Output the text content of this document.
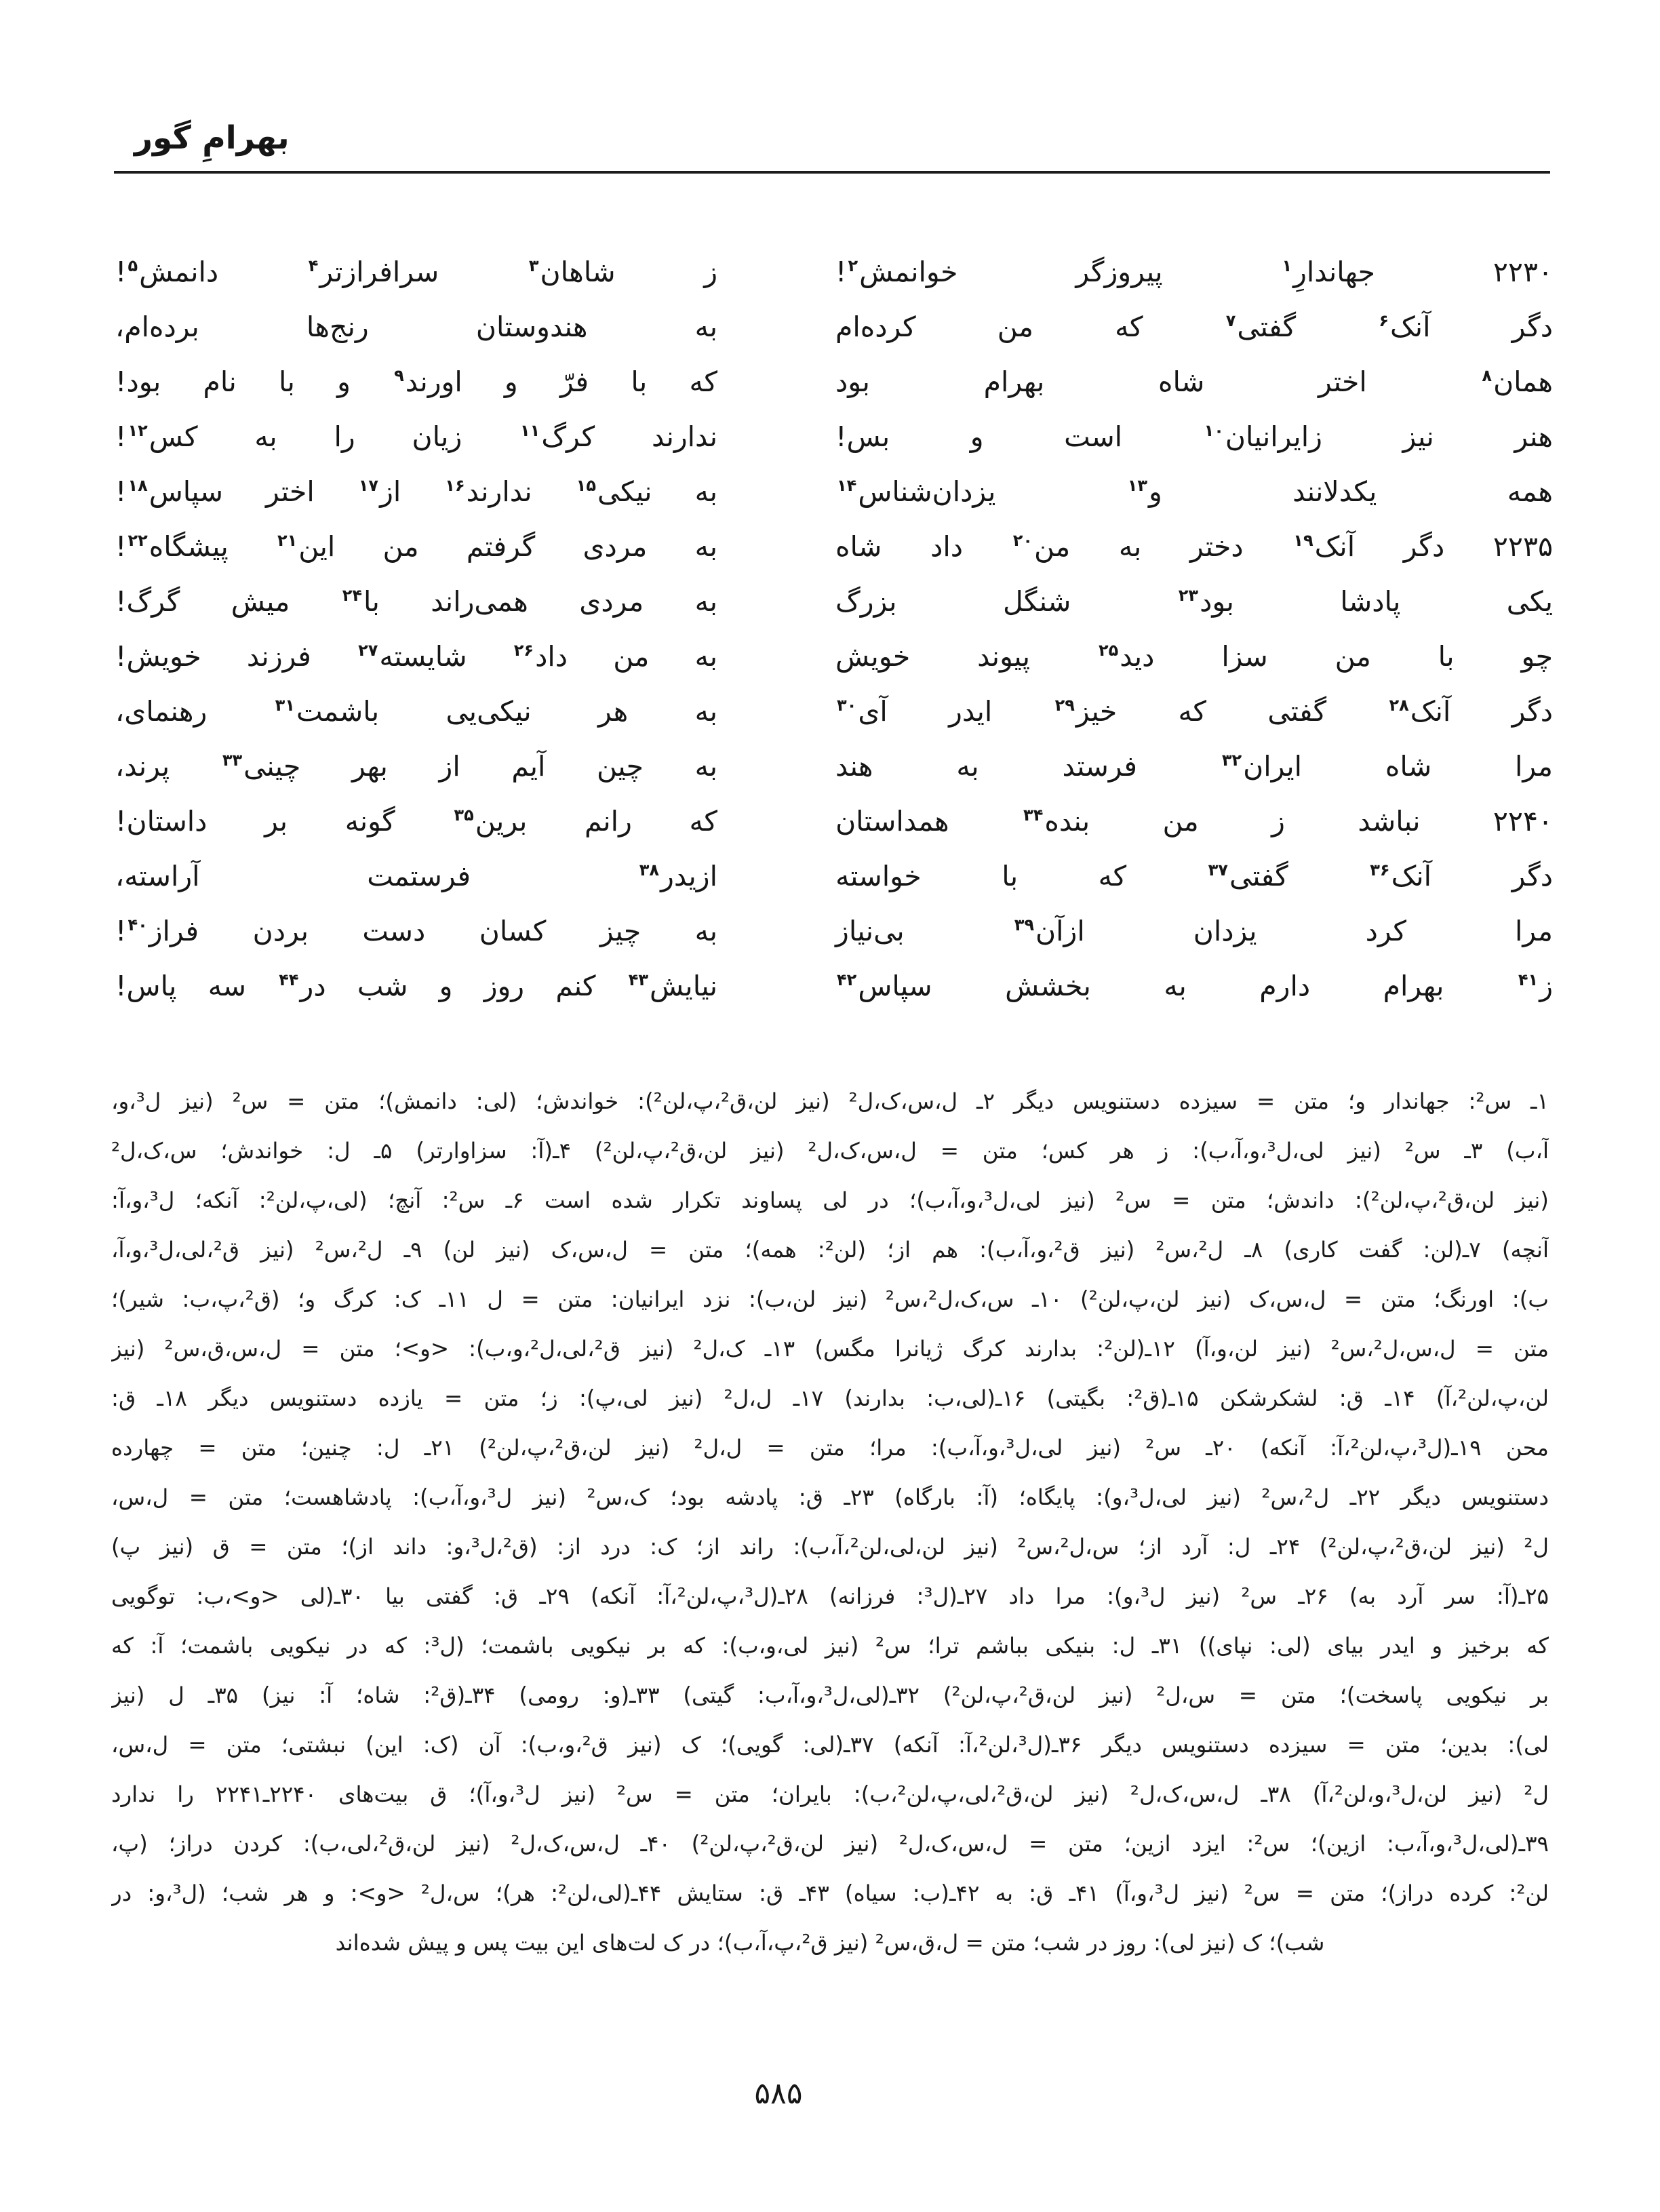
بهرامِ گور
۲۲۳۰
جهاندارِ$^۱$
پیروزگر
خوانمش$^۲$!
ز
شاهان$^۳$
سرافرازتر$^۴$
دانمش$^۵$!
دگر
آنک$^۶$
گفتی$^۷$
که
من
کرده‌ام
به
هندوستان
رنج‌ها
برده‌ام،
همان$^۸$
اختر
شاه
بهرام
بود
که
با
فرّ
و
اورند$^۹$
و
با
نام
بود!
هنر
نیز
زایرانیان$^{۱۰}$
است
و
بس!
ندارند
کرگ$^{۱۱}$
زیان
را
به
کس$^{۱۲}$!
همه
یکدلانند
و$^{۱۳}$
یزدان‌شناس$^{۱۴}$
به
نیکی$^{۱۵}$
ندارند$^{۱۶}$
از$^{۱۷}$
اختر
سپاس$^{۱۸}$!
۲۲۳۵
دگر
آنک$^{۱۹}$
دختر
به
من$^{۲۰}$
داد
شاه
به
مردی
گرفتم
من
این$^{۲۱}$
پیشگاه$^{۲۲}$!
یکی
پادشا
بود$^{۲۳}$
شنگل
بزرگ
به
مردی
همی‌راند
با$^{۲۴}$
میش
گرگ!
چو
با
من
سزا
دید$^{۲۵}$
پیوند
خویش
به
من
داد$^{۲۶}$
شایسته$^{۲۷}$
فرزند
خویش!
دگر
آنک$^{۲۸}$
گفتی
که
خیز$^{۲۹}$
ایدر
آی$^{۳۰}$
به
هر
نیکی‌یی
باشمت$^{۳۱}$
رهنمای،
مرا
شاه
ایران$^{۳۲}$
فرستد
به
هند
به
چین
آیم
از
بهر
چینی$^{۳۳}$
پرند،
۲۲۴۰
نباشد
ز
من
بنده$^{۳۴}$
همداستان
که
رانم
برین$^{۳۵}$
گونه
بر
داستان!
دگر
آنک$^{۳۶}$
گفتی$^{۳۷}$
که
با
خواسته
ازیدر$^{۳۸}$
فرستمت
آراسته،
مرا
کرد
یزدان
ازآن$^{۳۹}$
بی‌نیاز
به
چیز
کسان
دست
بردن
فراز$^{۴۰}$!
ز$^{۴۱}$
بهرام
دارم
به
بخشش
سپاس$^{۴۲}$
نیایش$^{۴۳}$
کنم
روز
و
شب
در$^{۴۴}$
سه
پاس!
۱ـ س²: جهاندار و؛ متن = سیزده دستنویس دیگر ۲ـ ل،س،ک،ل² (نیز لن،ق²،پ،لن²): خواندش؛ (لی: دانمش)؛ متن = س² (نیز ل³،و،
آ،ب) ۳ـ س² (نیز لی،ل³،و،آ،ب): ز هر کس؛ متن = ل،س،ک،ل² (نیز لن،ق²،پ،لن²) ۴ـ(آ: سزاوارتر) ۵ـ ل: خواندش؛ س،ک،ل²
(نیز لن،ق²،پ،لن²): داندش؛ متن = س² (نیز لی،ل³،و،آ،ب)؛ در لی پساوند تکرار شده است ۶ـ س²: آنچ؛ (لی،پ،لن²: آنکه؛ ل³،و،آ:
آنچه) ۷ـ(لن: گفت کاری) ۸ـ ل²،س² (نیز ق²،و،آ،ب): هم از؛ (لن²: همه)؛ متن = ل،س،ک (نیز لن) ۹ـ ل²،س² (نیز ق²،لی،ل³،و،آ،
ب): اورنگ؛ متن = ل،س،ک (نیز لن،پ،لن²) ۱۰ـ س،ک،ل²،س² (نیز لن،ب): نزد ایرانیان: متن = ل ۱۱ـ ک: کرگ و؛ (ق²،پ،ب: شیر)؛
متن = ل،س،ل²،س² (نیز لن،و،آ) ۱۲ـ(لن²: بدارند کرگ ژیانرا مگس) ۱۳ـ ک،ل² (نیز ق²،لی،ل²،و،ب): <و>؛ متن = ل،س،ق،س² (نیز
لن،پ،لن²،آ) ۱۴ـ ق: لشکرشکن ۱۵ـ(ق²: بگیتی) ۱۶ـ(لی،ب: بدارند) ۱۷ـ ل،ل² (نیز لی،پ): ز؛ متن = یازده دستنویس دیگر ۱۸ـ ق:
محن ۱۹ـ(ل³،پ،لن²،آ: آنکه) ۲۰ـ س² (نیز لی،ل³،و،آ،ب): مرا؛ متن = ل،ل² (نیز لن،ق²،پ،لن²) ۲۱ـ ل: چنین؛ متن = چهارده
دستنویس دیگر ۲۲ـ ل²،س² (نیز لی،ل³،و): پایگاه؛ (آ: بارگاه) ۲۳ـ ق: پادشه بود؛ ک،س² (نیز ل³،و،آ،ب): پادشاهست؛ متن = ل،س،
ل² (نیز لن،ق²،پ،لن²) ۲۴ـ ل: آرد از؛ س،ل²،س² (نیز لن،لی،لن²،آ،ب): راند از؛ ک: درد از: (ق²،ل³،و: داند از)؛ متن = ق (نیز پ)
۲۵ـ(آ: سر آرد به) ۲۶ـ س² (نیز ل³،و): مرا داد ۲۷ـ(ل³: فرزانه) ۲۸ـ(ل³،پ،لن²،آ: آنکه) ۲۹ـ ق: گفتی بیا ۳۰ـ(لی <و>،ب: توگویی
که برخیز و ایدر بیای (لی: نپای)) ۳۱ـ ل: بنیکی بباشم ترا؛ س² (نیز لی،و،ب): که بر نیکویی باشمت؛ (ل³: که در نیکویی باشمت؛ آ: که
بر نیکویی پاسخت)؛ متن = س،ل² (نیز لن،ق²،پ،لن²) ۳۲ـ(لی،ل³،و،آ،ب: گیتی) ۳۳ـ(و: رومی) ۳۴ـ(ق²: شاه؛ آ: نیز) ۳۵ـ ل (نیز
لی): بدین؛ متن = سیزده دستنویس دیگر ۳۶ـ(ل³،لن²،آ: آنکه) ۳۷ـ(لی: گویی)؛ ک (نیز ق²،و،ب): آن (ک: این) نبشتی؛ متن = ل،س،
ل² (نیز لن،ل³،و،لن²،آ) ۳۸ـ ل،س،ک،ل² (نیز لن،ق²،لی،پ،لن²،ب): بایران؛ متن = س² (نیز ل³،و،آ)؛ ق بیت‌های ۲۲۴۰ـ۲۲۴۱ را ندارد
۳۹ـ(لی،ل³،و،آ،ب: ازین)؛ س²: ایزد ازین؛ متن = ل،س،ک،ل² (نیز لن،ق²،پ،لن²) ۴۰ـ ل،س،ک،ل² (نیز لن،ق²،لی،ب): کردن دراز؛ (پ،
لن²: کرده دراز)؛ متن = س² (نیز ل³،و،آ) ۴۱ـ ق: به ۴۲ـ(ب: سیاه) ۴۳ـ ق: ستایش ۴۴ـ(لی،لن²: هر)؛ س،ل² <و>: و هر شب؛ (ل³،و: در
شب)؛ ک (نیز لی): روز در شب؛ متن = ل،ق،س² (نیز ق²،پ،آ،ب)؛ در ک لت‌های این بیت پس و پیش شده‌اند
۵۸۵
